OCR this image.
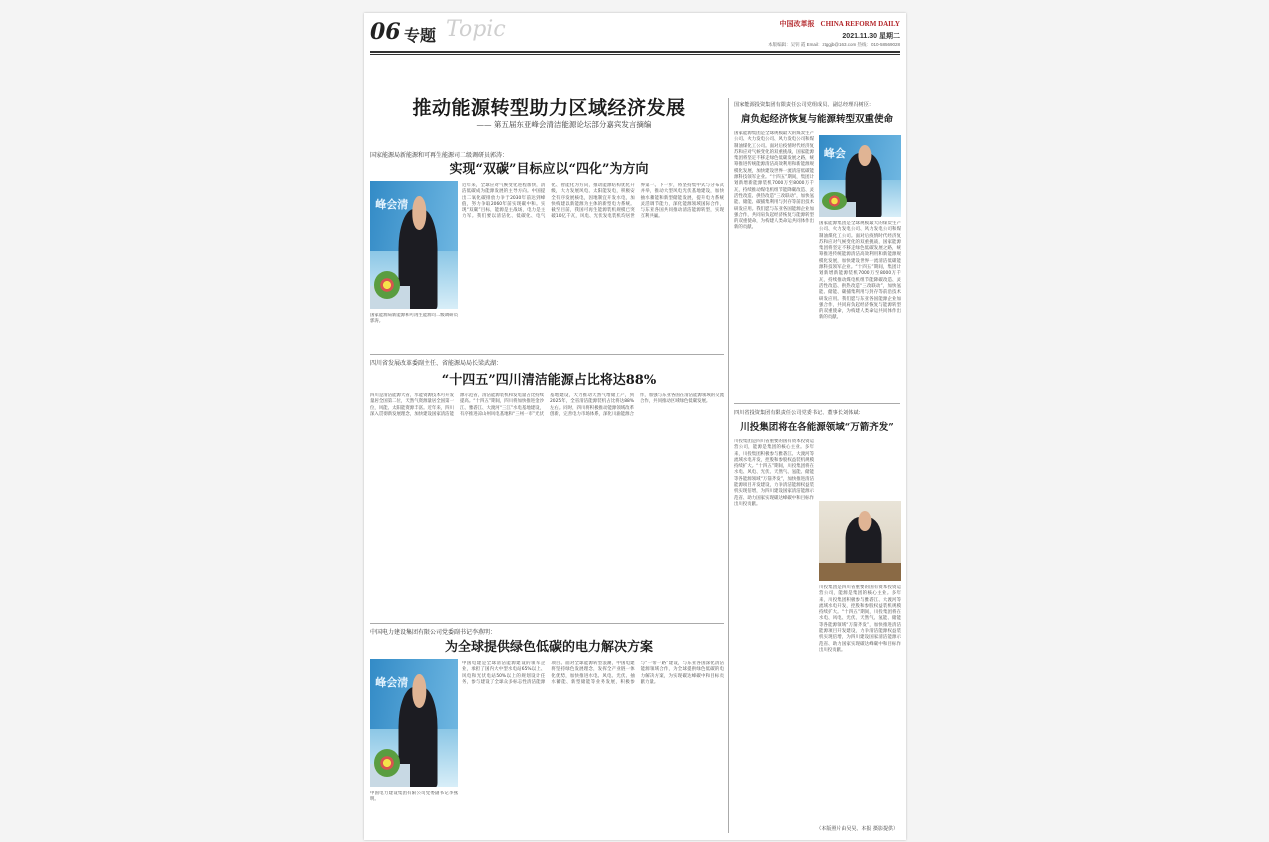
06 专题 Topic	中国改革报 CHINA REFORM DAILY
2021.11.30 星期二
本版编辑：吴钊 霞 Email：ztggjb@163.com 热线：010-58569028
推动能源转型助力区域经济发展
—— 第五届东亚峰会清洁能源论坛部分嘉宾发言摘编
国家能源局新能源和可再生能源司二级调研员郭涛：
实现“双碳”目标应以“四化”为方向
峰会清
国家能源局新能源和可再生能源司二级调研员郭涛。
近年来，全球应对气候变化进程加快，清洁低碳成为能源发展的主导方向。中国提出二氧化碳排放力争于2030年前达到峰值，努力争取2060年前实现碳中和。实现“双碳”目标，能源是主战场，电力是主力军。我们要以清洁化、低碳化、电气化、智能化为方向，推动能源结构优化升级，大力发展风电、太阳能发电，积极安全有序发展核电，因地制宜开发水电，加快构建以新能源为主体的新型电力系统。截至目前，我国可再生能源装机规模已突破10亿千瓦，风电、光伏发电装机均居世界第一。下一步，将坚持集中式与分布式并举，推动大型风电光伏基地建设，加快抽水蓄能和新型储能发展，提升电力系统灵活调节能力，深化能源领域国际合作，与东亚各国共同推动清洁能源转型，实现互利共赢。
四川省发展改革委副主任、省能源局局长梁武湖：
“十四五”四川清洁能源占比将达88%
四川是清洁能源大省，水能资源技术可开发量居全国第二位，天然气资源量居全国第一位，风能、太阳能资源丰富。近年来，四川深入贯彻新发展理念，加快建设国家清洁能源示范省，清洁能源装机和发电量占比持续提高。“十四五”期间，四川将加快推进金沙江、雅砻江、大渡河“三江”水电基地建设，有序推进凉山州风电基地和“三州一市”光伏基地建设，大力推动天然气增储上产，到2025年，全省清洁能源装机占比将达88%左右。同时，四川将积极推动能源领域改革创新，完善电力市场体系，深化川渝能源合作，加强与东亚各国在清洁能源领域的交流合作，共同推动区域绿色低碳发展。
中国电力建设集团有限公司党委副书记李燕明：
为全球提供绿色低碳的电力解决方案
峰会清
中国电力建设集团有限公司党委副书记李燕明。
中国电建是全球清洁能源建设的领军企业，承担了国内大中型水电站65%以上、风电和光伏电站50%以上的规划设计任务，参与建设了全球众多标志性清洁能源项目。面对全球能源转型浪潮，中国电建将坚持绿色发展理念，发挥全产业链一体化优势，加快推进水电、风电、光伏、抽水蓄能、新型储能等业务发展，积极参与“一带一路”建设，与东亚各国深化清洁能源领域合作，为全球提供绿色低碳的电力解决方案，为实现碳达峰碳中和目标贡献力量。
国家能源投资集团有限责任公司党组成员、副总经理冯树臣：
肩负起经济恢复与能源转型双重使命
国家能源集团是全球规模最大的煤炭生产公司、火力发电公司、风力发电公司和煤制油煤化工公司。面对后疫情时代经济复苏和应对气候变化的双重挑战，国家能源集团将坚定不移走绿色低碳发展之路，统筹推进传统能源清洁高效利用和新能源规模化发展，加快建设世界一流清洁低碳能源科技领军企业。“十四五”期间，集团计划新增新能源装机7000万至8000万千瓦，持续推动煤电机组节能降碳改造、灵活性改造、供热改造“三改联动”，加快氢能、储能、碳捕集利用与封存等前沿技术研发应用。我们愿与东亚各国能源企业加强合作，共同肩负起经济恢复与能源转型的双重使命，为构建人类命运共同体作出新的贡献。
峰会
国家能源集团是全球规模最大的煤炭生产公司、火力发电公司、风力发电公司和煤制油煤化工公司。面对后疫情时代经济复苏和应对气候变化的双重挑战，国家能源集团将坚定不移走绿色低碳发展之路，统筹推进传统能源清洁高效利用和新能源规模化发展，加快建设世界一流清洁低碳能源科技领军企业。“十四五”期间，集团计划新增新能源装机7000万至8000万千瓦，持续推动煤电机组节能降碳改造、灵活性改造、供热改造“三改联动”，加快氢能、储能、碳捕集利用与封存等前沿技术研发应用。我们愿与东亚各国能源企业加强合作，共同肩负起经济恢复与能源转型的双重使命，为构建人类命运共同体作出新的贡献。
四川省投资集团有限责任公司党委书记、董事长刘体斌：
川投集团将在各能源领域“万箭齐发”
川投集团是四川省重要的国有资本投资运营公司，能源是集团的核心主业。多年来，川投集团积极参与雅砻江、大渡河等流域水电开发，控股和参股权益装机规模持续扩大。“十四五”期间，川投集团将在水电、风电、光伏、天然气、氢能、储能等各能源领域“万箭齐发”，加快推进清洁能源项目开发建设，力争清洁能源权益装机实现倍增，为四川建设国家清洁能源示范省、助力国家实现碳达峰碳中和目标作出川投贡献。
川投集团是四川省重要的国有资本投资运营公司，能源是集团的核心主业。多年来，川投集团积极参与雅砻江、大渡河等流域水电开发，控股和参股权益装机规模持续扩大。“十四五”期间，川投集团将在水电、风电、光伏、天然气、氢能、储能等各能源领域“万箭齐发”，加快推进清洁能源项目开发建设，力争清洁能源权益装机实现倍增，为四川建设国家清洁能源示范省、助力国家实现碳达峰碳中和目标作出川投贡献。
（本版照片由吴昊、本报 摄影提供）
